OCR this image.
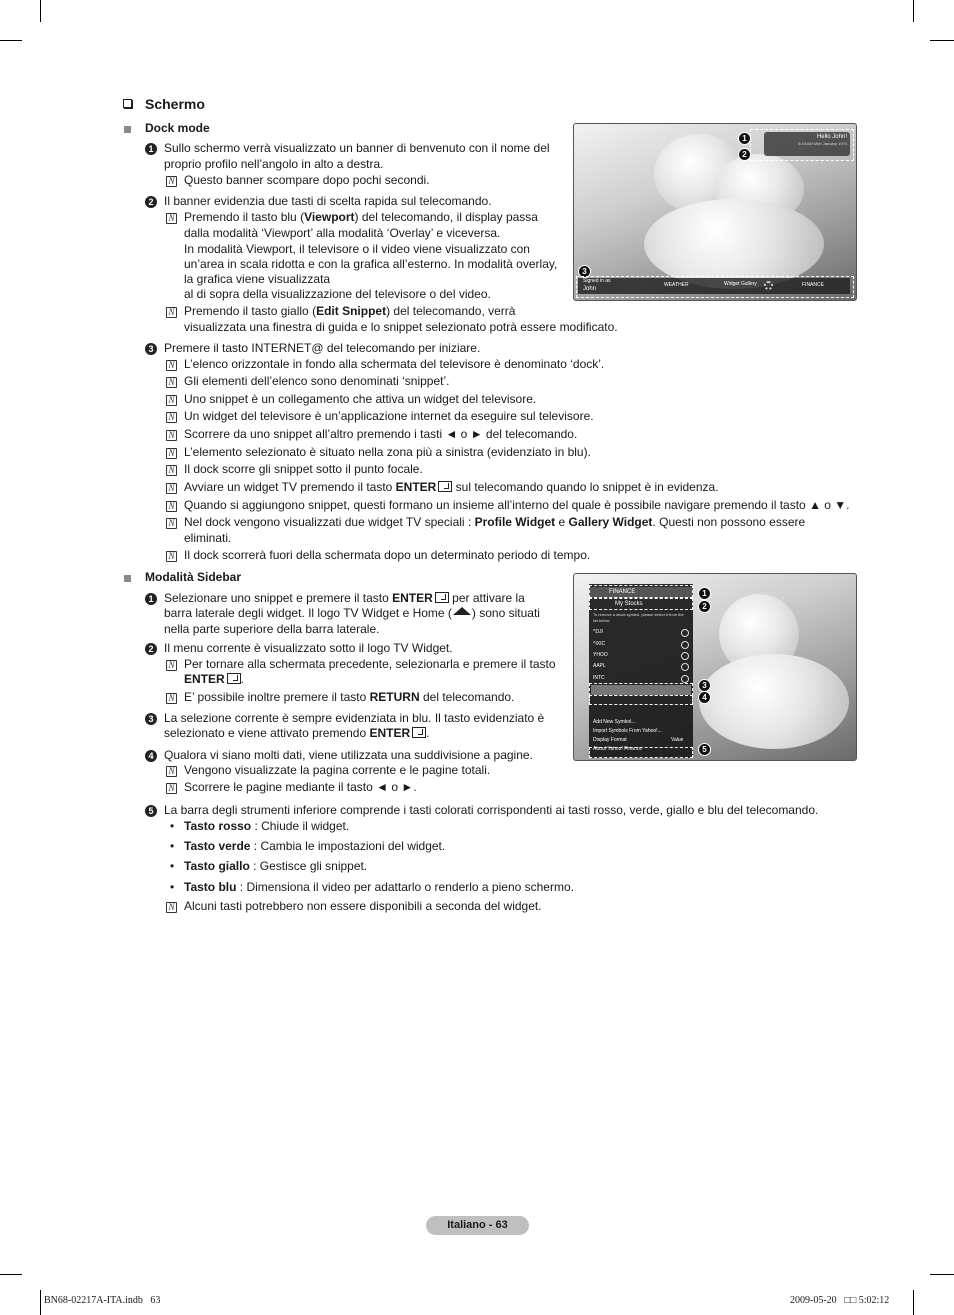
Schermo
Dock mode
1 Sullo schermo verrà visualizzato un banner di benvenuto con il nome del
proprio profilo nell’angolo in alto a destra.
N Questo banner scompare dopo pochi secondi.
2 Il banner evidenzia due tasti di scelta rapida sul telecomando.
N Premendo il tasto blu (Viewport) del telecomando, il display passa
dalla modalità ‘Viewport’ alla modalità ‘Overlay’ e viceversa.
In modalità Viewport, il televisore o il video viene visualizzato con
un’area in scala ridotta e con la grafica all’esterno. In modalità overlay,
la grafica viene visualizzata
al di sopra della visualizzazione del televisore o del video.
N Premendo il tasto giallo (Edit Snippet) del telecomando, verrà
visualizzata una finestra di guida e lo snippet selezionato potrà essere modificato.
3 Premere il tasto INTERNET@ del telecomando per iniziare.
N L’elenco orizzontale in fondo alla schermata del televisore è denominato ‘dock’.
N Gli elementi dell’elenco sono denominati ‘snippet’.
N Uno snippet è un collegamento che attiva un widget del televisore.
N Un widget del televisore è un’applicazione internet da eseguire sul televisore.
N Scorrere da uno snippet all’altro premendo i tasti ◄ o ► del telecomando.
N L’elemento selezionato è situato nella zona più a sinistra (evidenziato in blu).
N Il dock scorre gli snippet sotto il punto focale.
N Avviare un widget TV premendo il tasto ENTER sul telecomando quando lo snippet è in evidenza.
N Quando si aggiungono snippet, questi formano un insieme all’interno del quale è possibile navigare premendo il tasto ▲ o ▼.
N Nel dock vengono visualizzati due widget TV speciali : Profile Widget e Gallery Widget. Questi non possono essere
eliminati.
N Il dock scorrerà fuori della schermata dopo un determinato periodo di tempo.
Hello John!
5:15 AM Mon January 1970
1
2
3
Signed in as
John
WEATHER	Widget Gallery	FINANCE
Modalità Sidebar
1 Selezionare uno snippet e premere il tasto ENTER per attivare la
barra laterale degli widget. Il logo TV Widget e Home ( ) sono situati
nella parte superiore della barra laterale.
2 Il menu corrente è visualizzato sotto il logo TV Widget.
N Per tornare alla schermata precedente, selezionarla e premere il tasto
ENTER .
N E’ possibile inoltre premere il tasto RETURN del telecomando.
3 La selezione corrente è sempre evidenziata in blu. Il tasto evidenziato è
selezionato e viene attivato premendo ENTER .
4 Qualora vi siano molti dati, viene utilizzata una suddivisione a pagine.
N Vengono visualizzate la pagina corrente e le pagine totali.
N Scorrere le pagine mediante il tasto ◄ o ►.
5 La barra degli strumenti inferiore comprende i tasti colorati corrispondenti ai tasti rosso, verde, giallo e blu del telecomando.
• Tasto rosso : Chiude il widget.
• Tasto verde : Cambia le impostazioni del widget.
• Tasto giallo : Gestisce gli snippet.
• Tasto blu : Dimensiona il video per adattarlo o renderlo a pieno schermo.
N Alcuni tasti potrebbero non essere disponibili a seconda del widget.
FINANCE
My Stocks
To remove a stock symbol, please select it from the list below
^DJI
^IXIC
YHOO
AAPL
INTC
Add New Symbol...
Import Symbols From Yahoo!...
Display Format	Value
About Yahoo! Finance
1
2
3
4
5
Italiano - 63
BN68-02217A-ITA.indb   63	2009-05-20   □□ 5:02:12
